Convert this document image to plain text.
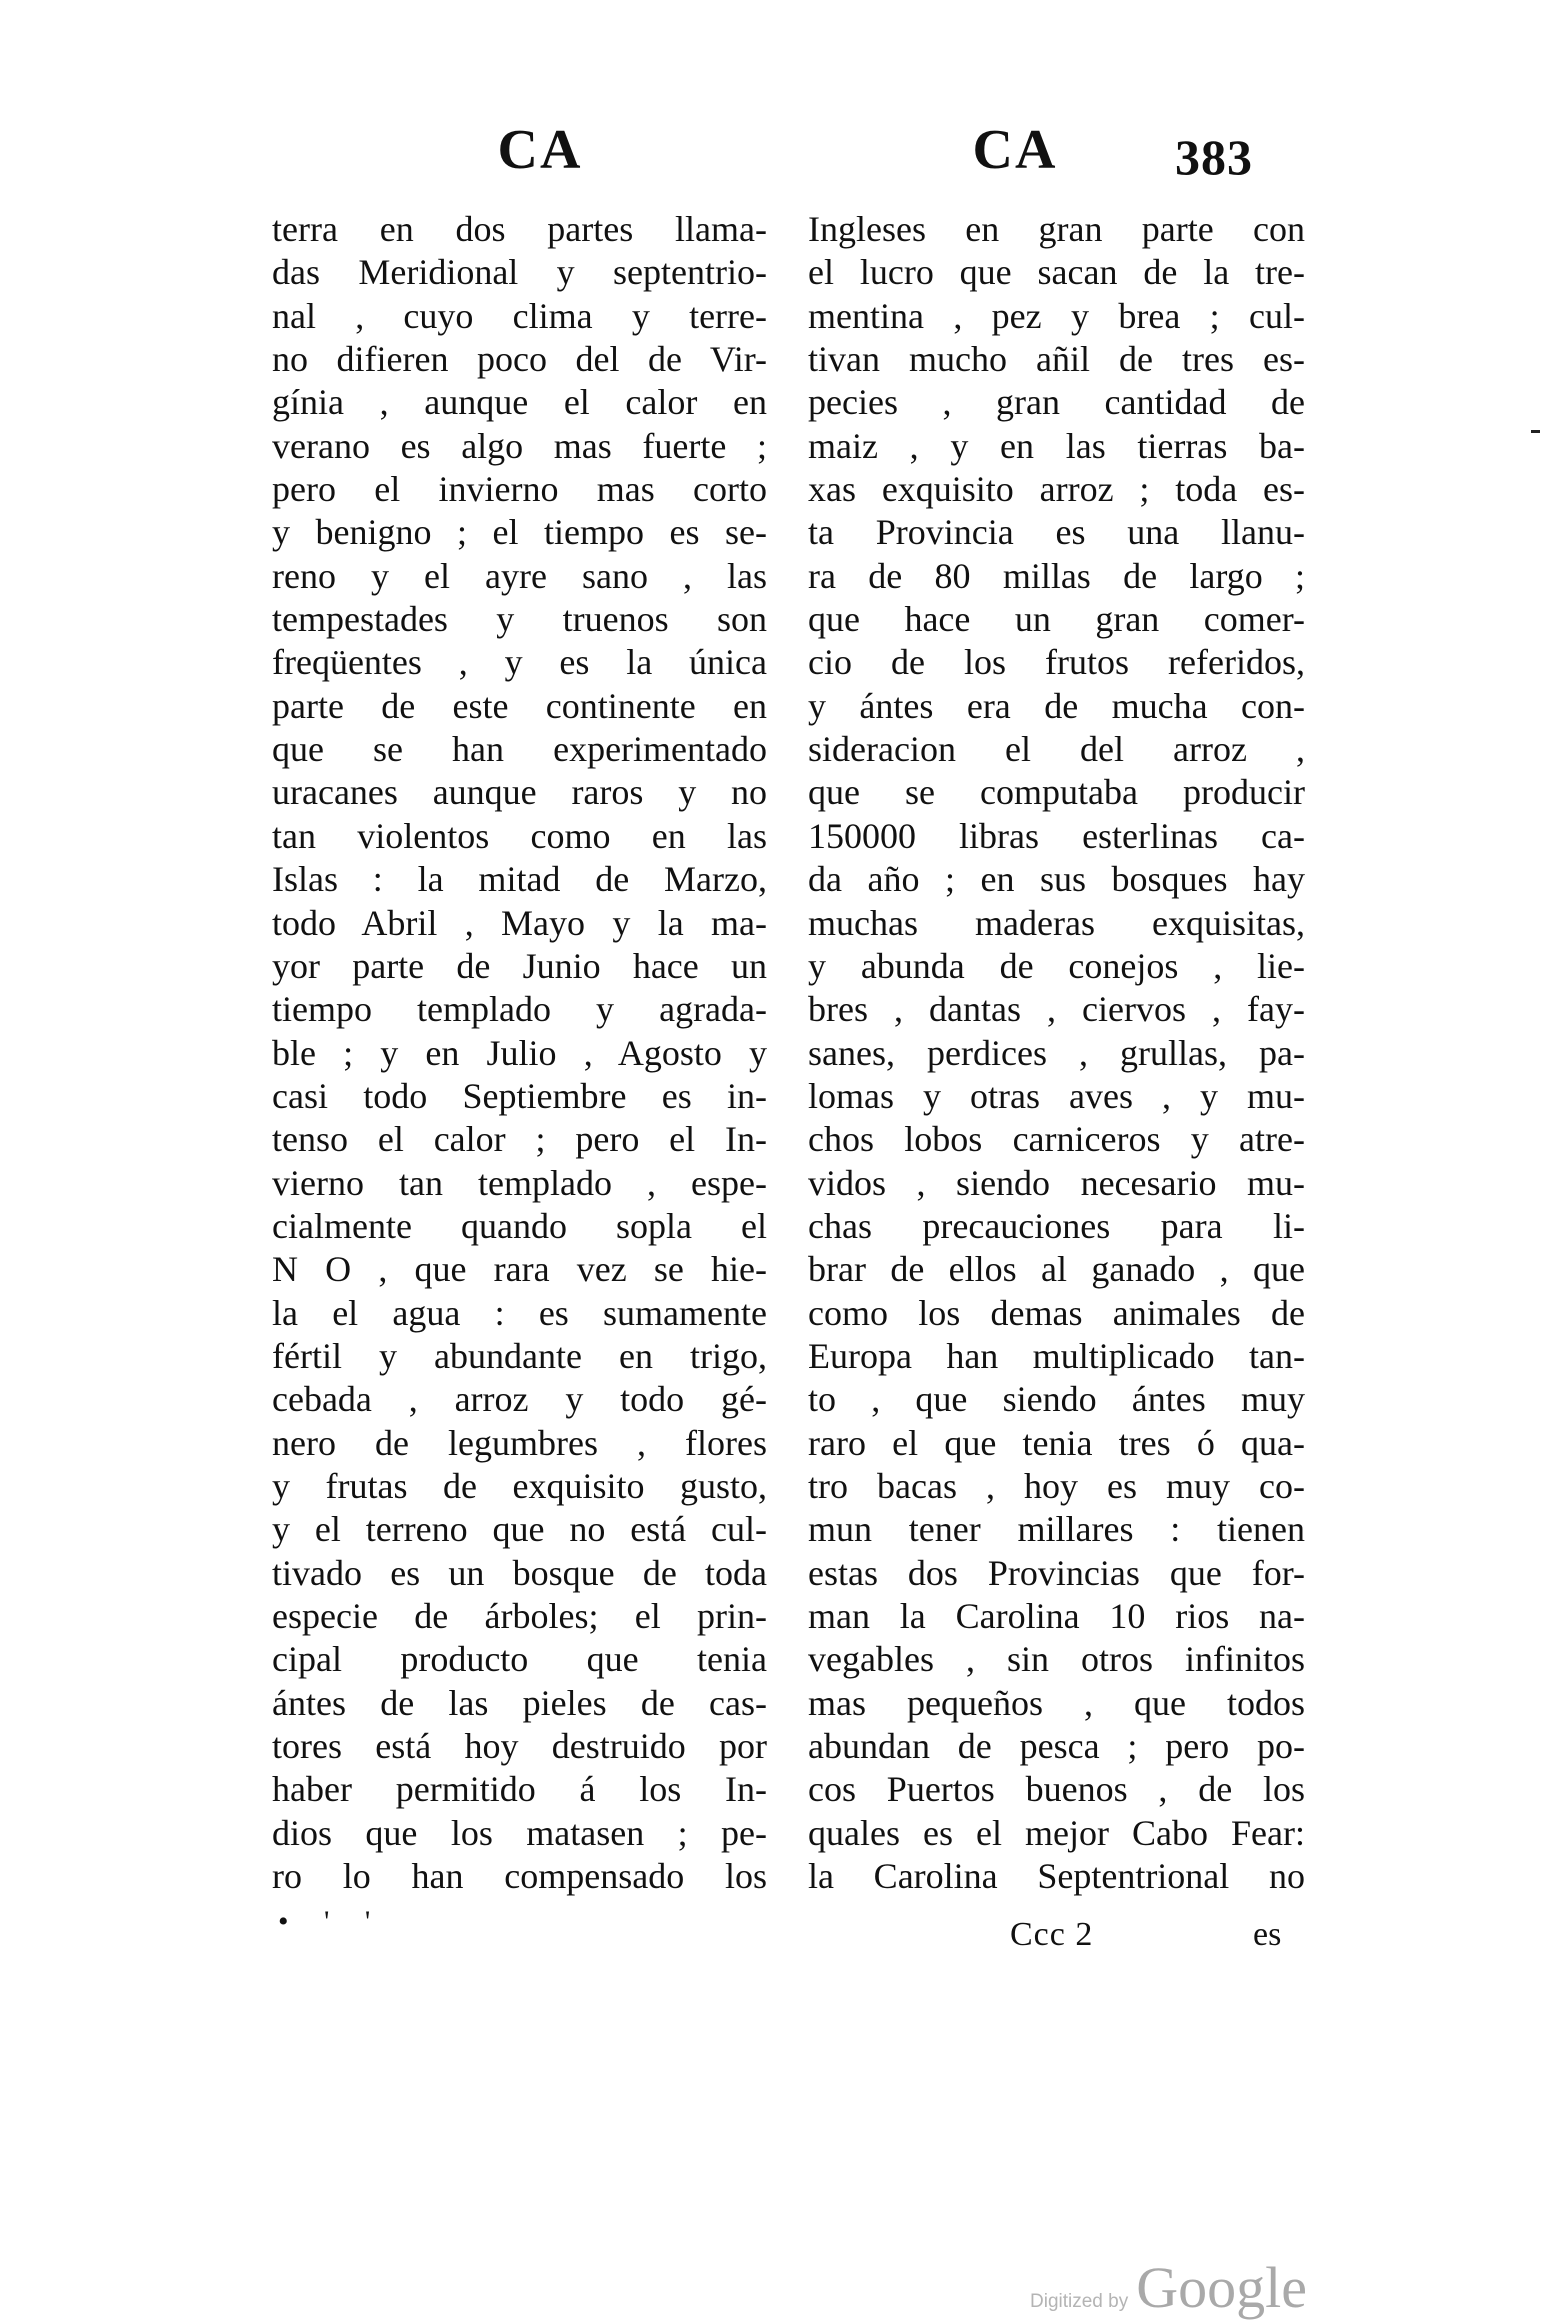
CA	CA	383
terra en dos partes llama-
das Meridional y septentrio-
nal , cuyo clima y terre-
no difieren poco del de Vir-
gínia , aunque el calor en
verano es algo mas fuerte ;
pero el invierno mas corto
y benigno ; el tiempo es se-
reno y el ayre sano , las
tempestades y truenos son
freqüentes , y es la única
parte de este continente en
que se han experimentado
uracanes aunque raros y no
tan violentos como en las
Islas : la mitad de Marzo,
todo Abril , Mayo y la ma-
yor parte de Junio hace un
tiempo templado y agrada-
ble ; y en Julio , Agosto y
casi todo Septiembre es in-
tenso el calor ; pero el In-
vierno tan templado , espe-
cialmente quando sopla el
N O , que rara vez se hie-
la el agua : es sumamente
fértil y abundante en trigo,
cebada , arroz y todo gé-
nero de legumbres , flores
y frutas de exquisito gusto,
y el terreno que no está cul-
tivado es un bosque de toda
especie de árboles; el prin-
cipal producto que tenia
ántes de las pieles de cas-
tores está hoy destruido por
haber permitido á los In-
dios que los matasen ; pe-
ro lo han compensado los
Ingleses en gran parte con
el lucro que sacan de la tre-
mentina , pez y brea ; cul-
tivan mucho añil de tres es-
pecies , gran cantidad de
maiz , y en las tierras ba-
xas exquisito arroz ; toda es-
ta Provincia es una llanu-
ra de 80 millas de largo ;
que hace un gran comer-
cio de los frutos referidos,
y ántes era de mucha con-
sideracion el del arroz ,
que se computaba producir
150000 libras esterlinas ca-
da año ; en sus bosques hay
muchas maderas exquisitas,
y abunda de conejos , lie-
bres , dantas , ciervos , fay-
sanes, perdices , grullas, pa-
lomas y otras aves , y mu-
chos lobos carniceros y atre-
vidos , siendo necesario mu-
chas precauciones para li-
brar de ellos al ganado , que
como los demas animales de
Europa han multiplicado tan-
to , que siendo ántes muy
raro el que tenia tres ó qua-
tro bacas , hoy es muy co-
mun tener millares : tienen
estas dos Provincias que for-
man la Carolina 10 rios na-
vegables , sin otros infinitos
mas pequeños , que todos
abundan de pesca ; pero po-
cos Puertos buenos , de los
quales es el mejor Cabo Fear:
la Carolina Septentrional no
• ' '	Ccc 2	es
Digitized by Google
